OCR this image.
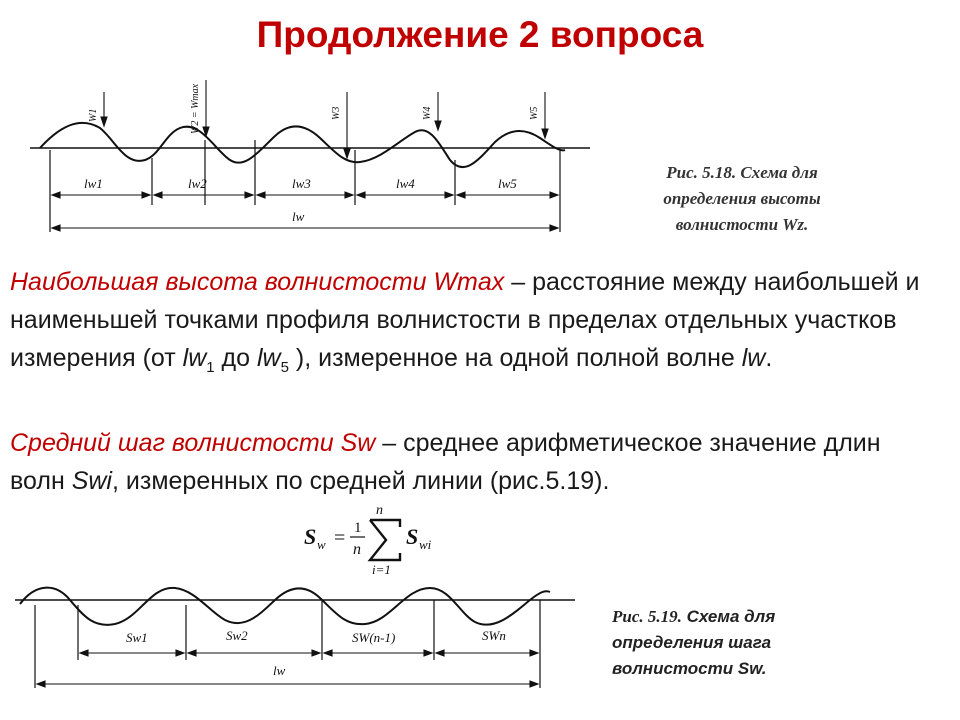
Продолжение 2 вопроса
W1	W2 = Wmax	W3	W4	W5
lw1	lw2	lw3	lw4	lw5
lw
Рис. 5.18. Схема для
определения высоты
волнистости Wz.
Наибольшая высота волнистости Wmax – расстояние между наибольшей и наименьшей точками профиля волнистости в пределах отдельных участков измерения (от $lw_1$ до $lw_5$ ), измеренное на одной полной волне lw.
Средний шаг волнистости Sw – среднее арифметическое значение длин волн Swi, измеренных по средней линии (рис.5.19).
S w = 1
n
n
i=1
S wi
Sw1	Sw2	SW(n-1)	SWn
lw
Рис. 5.19. Схема для определения шага волнистости Sw.
